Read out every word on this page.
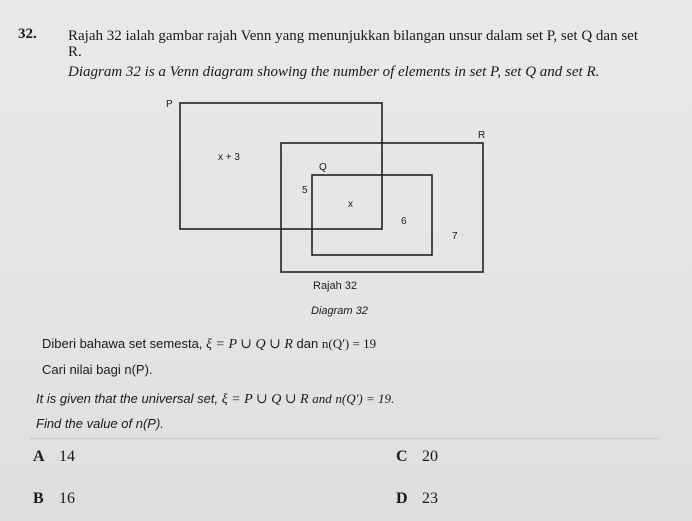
32. Rajah 32 ialah gambar rajah Venn yang menunjukkan bilangan unsur dalam set P, set Q dan set
R.
Diagram 32 is a Venn diagram showing the number of elements in set P, set Q and set R.
P
R
Q
x + 3
5
x
6
7
Rajah 32
Diagram 32
Diberi bahawa set semesta, ξ = P ∪ Q ∪ R dan n(Q′) = 19
Cari nilai bagi n(P).
It is given that the universal set, ξ = P ∪ Q ∪ R and n(Q′) = 19.
Find the value of n(P).
A 14
B 16
C 20
D 23
